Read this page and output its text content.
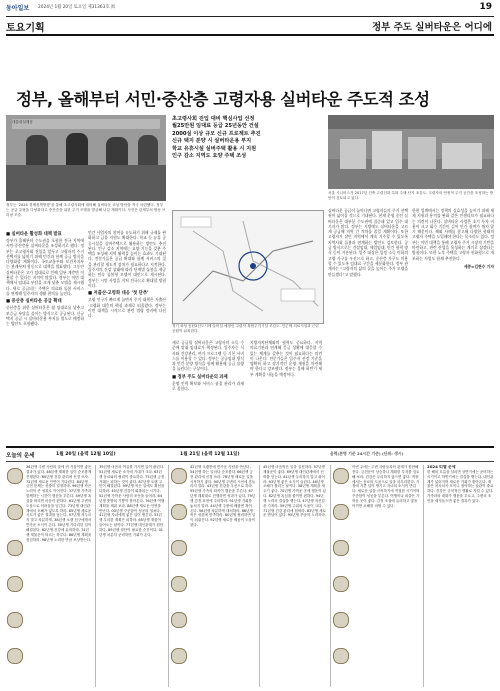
동아일보 2024년 1월 20일 토요일 제31363호 ㉃	19
토요기획	정부 주도 실버타운은 어디에
정부, 올해부터 서민·중산층 고령자용 실버타운 주도적 조성
대통령실제공
정부는 ‘2024 경제정책방향’을 통해 초고령사회에 대비해 실버타운 조성 방안을 적극 마련했다. 정부는 공급 유형을 다양화하고 중산층을 위한 주거 모델을 발굴해 나갈 계획이다. 사진은 관계부처 합동 브리핑 모습.
■ 실버타운 활성화 대책 발표
정부가 올해부터 수도권을 포함한 전국 지역에 서민·중산층용 실버타운을 조성하기로 했다. 정부는 초고령사회 진입을 앞두고 고령자의 주거 선택지를 넓히기 위해 민간과 함께 공급 방식을 다양화할 계획이다. 국토교통부와 보건복지부는 관계부처 합동으로 대책을 발표했다. 그동안 실버타운은 고가 임대료로 인해 일부 계층만 이용할 수 있다는 지적이 많았다. 정부는 이번 대책에서 임대료 부담을 크게 낮춘 모델을 제시했다. 새로 공급되는 주택은 의료와 돌봄 서비스를 연계해 입주자의 생활 편의를 높인다.
■ 중산층 실버타운 공급 확대
중산층을 위한 실버타운은 월 임대료를 낮추고 보증금 부담을 줄이는 방식으로 공급된다. 신규 택지 공급 시 실버타운용 부지를 별도로 배정하는 방안도 포함됐다.
민간 사업자의 참여를 유도하기 위해 규제를 완화하고 금융 지원도 확대한다. 학교 등 유휴 공공시설을 실버주택으로 활용하는 방안도 추진된다. 인구 감소 지역에는 요양 기능을 갖춘 주택을 조성해 지역 활력을 높이는 효과도 기대된다. 전문가들은 공급 확대와 함께 서비스의 질을 관리할 제도적 장치가 필요하다고 지적한다. 입주자의 건강 상태에 따라 단계별 돌봄을 제공하는 연속 돌봄형 모델이 대안으로 제시된다. 정부는 시범 사업을 거쳐 전국으로 확대할 방침이다.
■ 저출산·고령화 대응 ‘첫 단추’
고령 인구가 빠르게 늘면서 주거 대책은 저출산·고령화 대응의 핵심 과제로 떠올랐다. 정부는 이번 대책을 시작으로 관련 법령 정비에 나선다.
초고령사회 진입 대비 핵심사업 선정
월25만원 임대료 등급 25년동안 건설
2000실 이상 규모 신규 프로젝트 추진
신규 택지 분양 시 실버타운용 부지
학교 유휴시설 실버주택 활용 시 지원
인구 감소 지역도 요양 주택 조성
경기 화성 동탄2신도시에 들어설 예정인 고령자 복합주거시설 조감도. 인근에 의료시설과 근린공원이 위치한다.
새로 공급될 실버타운은 고령자의 소득 수준에 맞춰 임대료가 책정된다. 입주자는 식사와 건강관리, 여가 프로그램 등 기본 서비스를 이용할 수 있다. 정부는 공공임대 방식과 민간 분양 방식을 함께 활용해 공급 물량을 늘린다는 구상이다.
■ 정부 주도 실버타운의 과제
운영 인력 확보와 서비스 품질 관리가 과제로 꼽힌다.
지방자치단체와의 협력도 중요하다. 지역 의료기관과 연계해 응급 상황에 대응할 수 있는 체계를 갖추는 것이 필요하다는 의견이 나온다. 전문가들은 입주자 선정 기준을 명확히 하고 장기적인 운영 재원을 마련해야 한다고 강조했다. 정부는 올해 하반기 세부 계획을 내놓을 예정이다.
서울 시니어스가 2017년 건축 고령친화 특화 주택 단지 조감도. 고령자의 안정적 주거 공간을 조성하는 방안이 검토되고 있다.
실버타운 공급이 늘어나면 고령자들의 주거 선택권이 넓어질 것으로 기대된다. 현재 운영 중인 실버타운은 대부분 수도권에 집중돼 있고 입주 대기자가 많다. 정부는 지방에도 실버타운을 고르게 공급해 지역 간 격차를 줄일 계획이다. 또한 고령자가 살던 지역에서 계속 거주할 수 있도록 지역사회 돌봄과 연계하는 방안도 검토한다. 공급 방식으로는 건설임대, 매입임대, 민간 협력 방식 등이 거론된다. 입주 대상은 일정 소득 이하의 고령 가구를 우선으로 하고, 중산층 가구도 이용할 수 있도록 임대료 구간을 세분화한다. 정부 관계자는 “고령자의 삶의 질을 높이는 주거 모델을 만들겠다”고 말했다.
한편 업계에서는 정책의 실효성을 높이기 위해 세제 지원과 용적률 완화 같은 인센티브가 필요하다는 의견이 나온다. 실버타운 사업은 초기 투자 비용이 크고 회수 기간이 길어 민간 참여가 쉽지 않기 때문이다. 해외 사례를 참고해 다양한 형태의 고령자 주택을 도입해야 한다는 목소리도 있다. 정부는 이번 대책을 통해 고령자 주거 시장의 기반을 마련하고, 관련 산업을 육성하는 계기로 삼겠다는 방침이다. 또한 노후 주택을 고령자 친화형으로 개조하는 사업도 함께 추진한다.
세종=김현수 기자
오늘의 운세	1월 20일 (음력 12월 10일)	1월 21일 (음력 12월 11일)	음력(본명 기준 24시간 기준) (단위: 생시)
36년생 주변 사람의 말에 귀 기울이면 좋은 결과가 있다. 48년생 계획한 일이 순조롭게 진행된다. 60년생 건강 관리에 신경 쓰자. 72년생 새로운 인연이 기다린다. 84년생 금전 문제는 신중히 결정하라. 96년생 작은 노력이 큰 성과로 이어진다. 37년생 가족과 함께하는 시간이 행운을 부른다. 49년생 욕심을 버리면 마음이 편하다. 61년생 주변의 도움으로 어려움을 넘긴다. 73년생 대인관계에서 오해가 없도록 하라. 85년생 새로운 시도가 좋은 결과를 낳는다. 97년생 서두르지 말고 차분하게. 38년생 오랜 친구에게서 반가운 소식이 온다. 50년생 기다리던 일이 해결된다. 62년생 건강에 유의하라. 74년생 재물운이 따르는 하루다. 86년생 계획을 점검하라. 98년생 노력한 만큼 보상받는다.
39년생 마음의 여유를 가지면 일이 풀린다. 51년생 새로운 소식에 기대가 크다. 63년생 동료와의 협력이 중요하다. 75년생 금전 거래는 피하는 것이 좋다. 87년생 오랜 고민이 해결된다. 99년생 작은 일에도 최선을 다하라. 40년생 건강이 회복되는 시기다. 52년생 가까운 사람의 조언을 들어라. 64년생 뜻밖의 기쁨이 찾아온다. 76년생 여행 계획을 세워 보라. 88년생 새로운 인연을 만난다. 00년생 꾸준함이 성공의 열쇠다. 41년생 자녀에게 좋은 일이 생긴다. 53년생 무리한 계획은 피하라. 65년생 재물이 들어오는 날이다. 77년생 대인관계가 원만하다. 89년생 결단이 필요한 순간이다. 01년생 차분히 준비하면 기회가 온다.
42년생 오랜만에 반가운 사람을 만난다. 54년생 하는 일마다 순조롭다. 66년생 금전 관리에 신경 쓰라. 78년생 새로운 일을 시작하기 좋다. 90년생 주변의 시선에 흔들리지 말라. 43년생 건강을 우선으로 하라. 55년생 가족의 화목이 행운을 부른다. 67년생 계획대로 진행하면 성과가 있다. 79년생 감정 표현에 주의하라. 91년생 기회를 놓치지 말라. 44년생 주변에 베풀면 복이 온다. 56년생 차분하게 대처하라. 68년생 작은 성취에 만족하라. 80년생 협력하면 일이 쉬워진다. 92년생 새로운 배움이 도움이 된다.
45년생 마음먹은 일을 실천하라. 57년생 재물운이 좋다. 69년생 대인관계에서 신뢰를 얻는다. 81년생 무리하지 말고 쉬어라. 93년생 좋은 소식이 들린다. 46년생 오해가 풀리는 날이다. 58년생 계획을 세우기 좋다. 70년생 가까운 곳에 행운이 있다. 82년생 욕심을 줄이면 편하다. 94년생 노력의 결실을 맺는다. 47년생 자신감을 가져라. 59년생 주위의 도움이 크다. 71년생 건강 관리에 힘써라. 83년생 새로운 만남이 있다. 95년생 꾸준히 노력하라.
이번 주에는 주변 사람들과의 관계가 원만해진다. 금전운이 상승하니 계획한 투자를 검토해 보라. 건강은 무리하지 않으면 좋다. 직장에서는 동료의 도움으로 일을 마무리한다. 가정에 기쁜 일이 생기고 자녀의 소식이 반갑다. 새로운 일을 시작하기에 적절한 시기이며 꾸준함이 성공을 부른다. 여행이나 외출은 가까운 곳이 좋다. 감정 조절에 유의하고 말을 아끼면 오해를 피할 수 있다.
2024 띠별 운세
한 해의 흐름을 살피면 상반기에는 준비하는 시기이고 하반기에는 결실을 맺는다. 대인관계가 넓어지며 새로운 기회가 찾아온다. 재물은 차곡차곡 모이니 절약하는 습관이 중요하다. 건강은 규칙적인 생활로 지킬 수 있다. 가족과의 대화가 행운을 부르고, 주변의 조언을 새겨들으면 좋은 결과가 있다.
